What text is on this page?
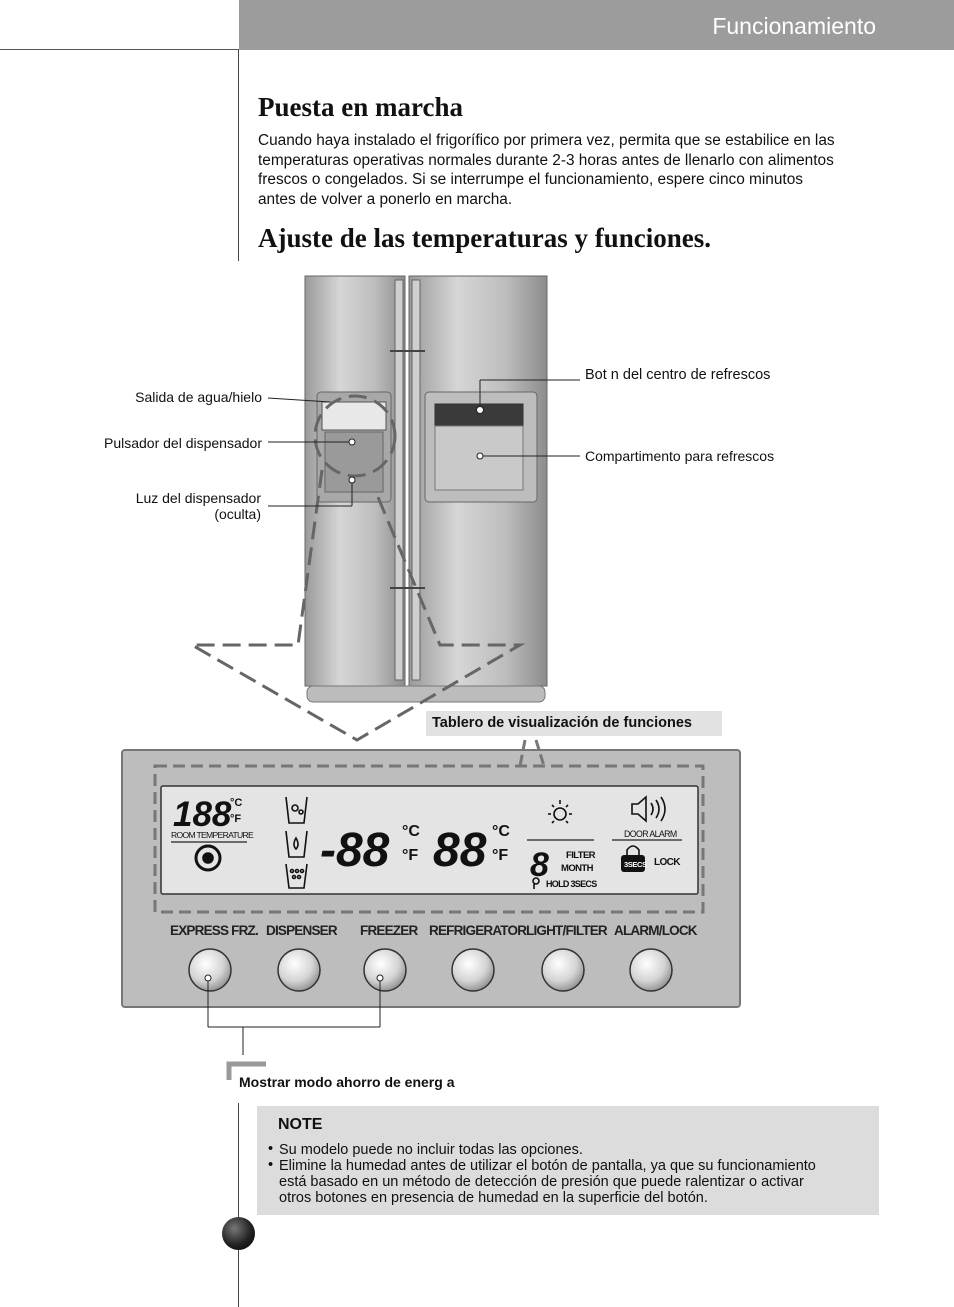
Funcionamiento
Puesta en marcha
Cuando haya instalado el frigorífico por primera vez, permita que se estabilice en las
temperaturas operativas normales durante 2-3 horas antes de llenarlo con alimentos
frescos o congelados. Si se interrumpe el funcionamiento, espere cinco minutos
antes de volver a ponerlo en marcha.
Ajuste de las temperaturas y funciones.
188
°C
°F
ROOM TEMPERATURE -88 °C
°F 88 °C
°F 8 FILTER
MONTH
HOLD 3SECS
DOOR ALARM
LOCK
3SECS
Salida de agua/hielo
Pulsador del dispensador
Luz del dispensador
(oculta)
Bot n del centro de refrescos
Compartimento para refrescos
Tablero de visualización de funciones
EXPRESS FRZ. DISPENSER FREEZER REFRIGERATOR LIGHT/FILTER ALARM/LOCK
Mostrar modo ahorro de energ a
NOTE
• Su modelo puede no incluir todas las opciones.
• Elimine la humedad antes de utilizar el botón de pantalla, ya que su funcionamiento
está basado en un método de detección de presión que puede ralentizar o activar
otros botones en presencia de humedad en la superficie del botón.
